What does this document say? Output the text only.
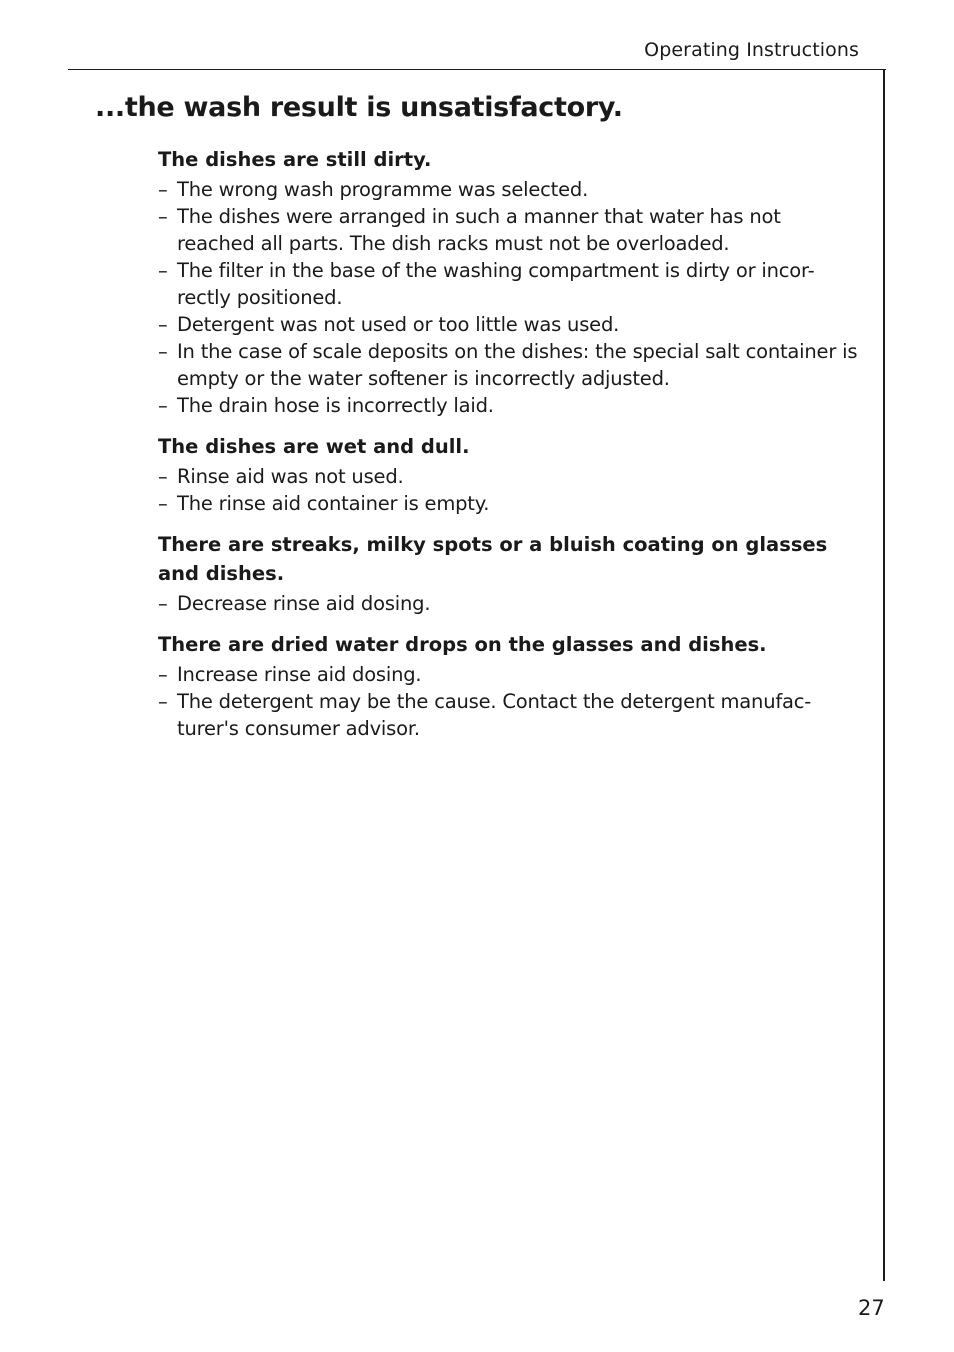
Operating Instructions
...the wash result is unsatisfactory.
The dishes are still dirty.
– The wrong wash programme was selected.
– The dishes were arranged in such a manner that water has not reached all parts. The dish racks must not be overloaded.
– The filter in the base of the washing compartment is dirty or incor-rectly positioned.
– Detergent was not used or too little was used.
– In the case of scale deposits on the dishes: the special salt container is empty or the water softener is incorrectly adjusted.
– The drain hose is incorrectly laid.
The dishes are wet and dull.
– Rinse aid was not used.
– The rinse aid container is empty.
There are streaks, milky spots or a bluish coating on glasses and dishes.
– Decrease rinse aid dosing.
There are dried water drops on the glasses and dishes.
– Increase rinse aid dosing.
– The detergent may be the cause. Contact the detergent manufac-turer's consumer advisor.
27
